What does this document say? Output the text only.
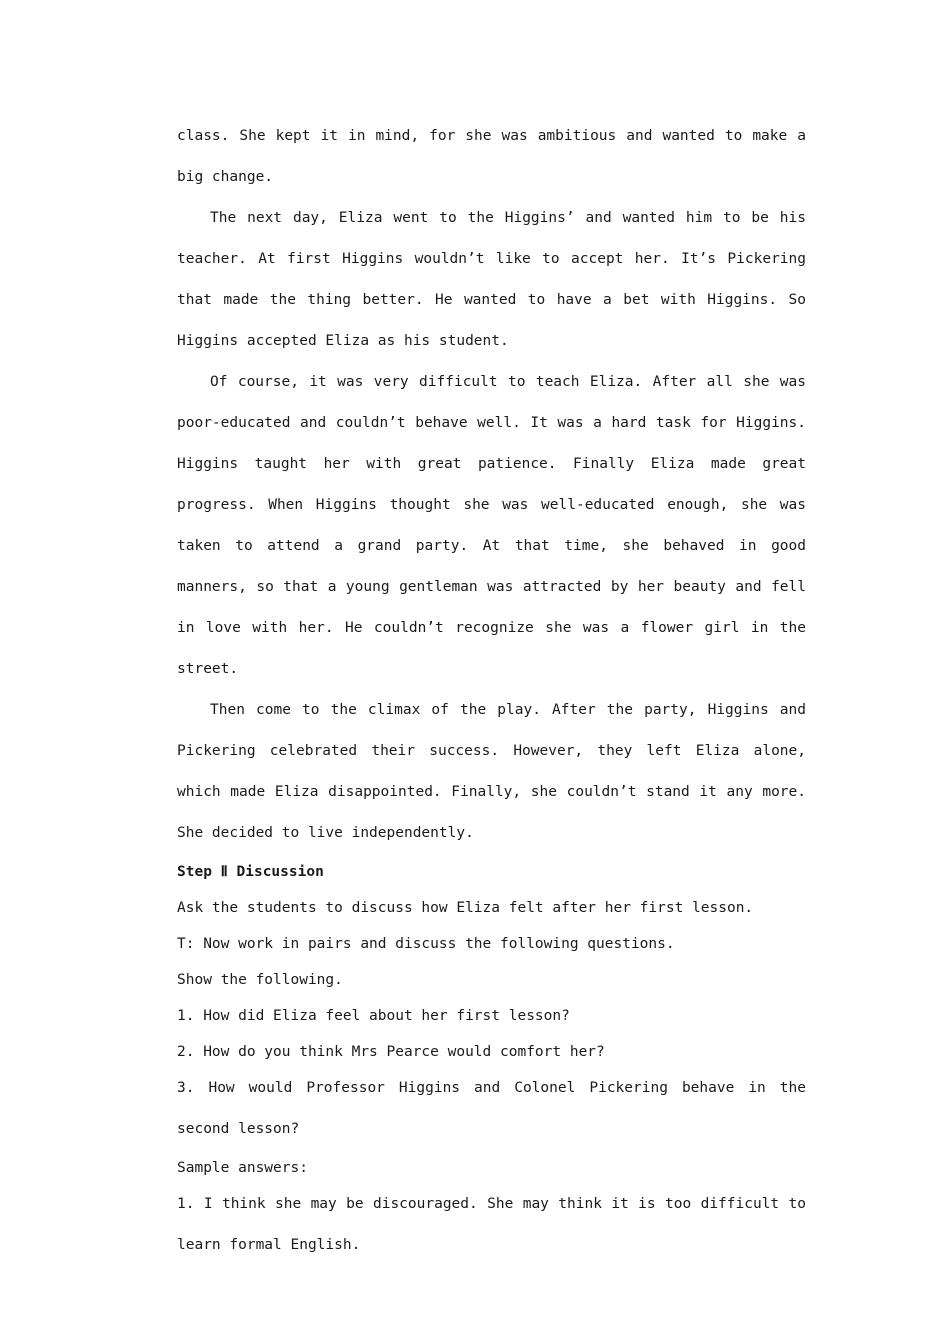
class. She kept it in mind, for she was ambitious and wanted to make a big change.

The next day, Eliza went to the Higgins’ and wanted him to be his teacher. At first Higgins wouldn’t like to accept her. It’s Pickering that made the thing better. He wanted to have a bet with Higgins. So Higgins accepted Eliza as his student.

Of course, it was very difficult to teach Eliza. After all she was poor-educated and couldn’t behave well. It was a hard task for Higgins. Higgins taught her with great patience. Finally Eliza made great progress. When Higgins thought she was well-educated enough, she was taken to attend a grand party. At that time, she behaved in good manners, so that a young gentleman was attracted by her beauty and fell in love with her. He couldn’t recognize she was a flower girl in the street.

Then come to the climax of the play. After the party, Higgins and Pickering celebrated their success. However, they left Eliza alone, which made Eliza disappointed. Finally, she couldn’t stand it any more. She decided to live independently.

Step Ⅱ Discussion

Ask the students to discuss how Eliza felt after her first lesson.

T: Now work in pairs and discuss the following questions.

Show the following.

1. How did Eliza feel about her first lesson?

2. How do you think Mrs Pearce would comfort her?

3. How would Professor Higgins and Colonel Pickering behave in the second lesson?

Sample answers:

1. I think she may be discouraged. She may think it is too difficult to learn formal English.
